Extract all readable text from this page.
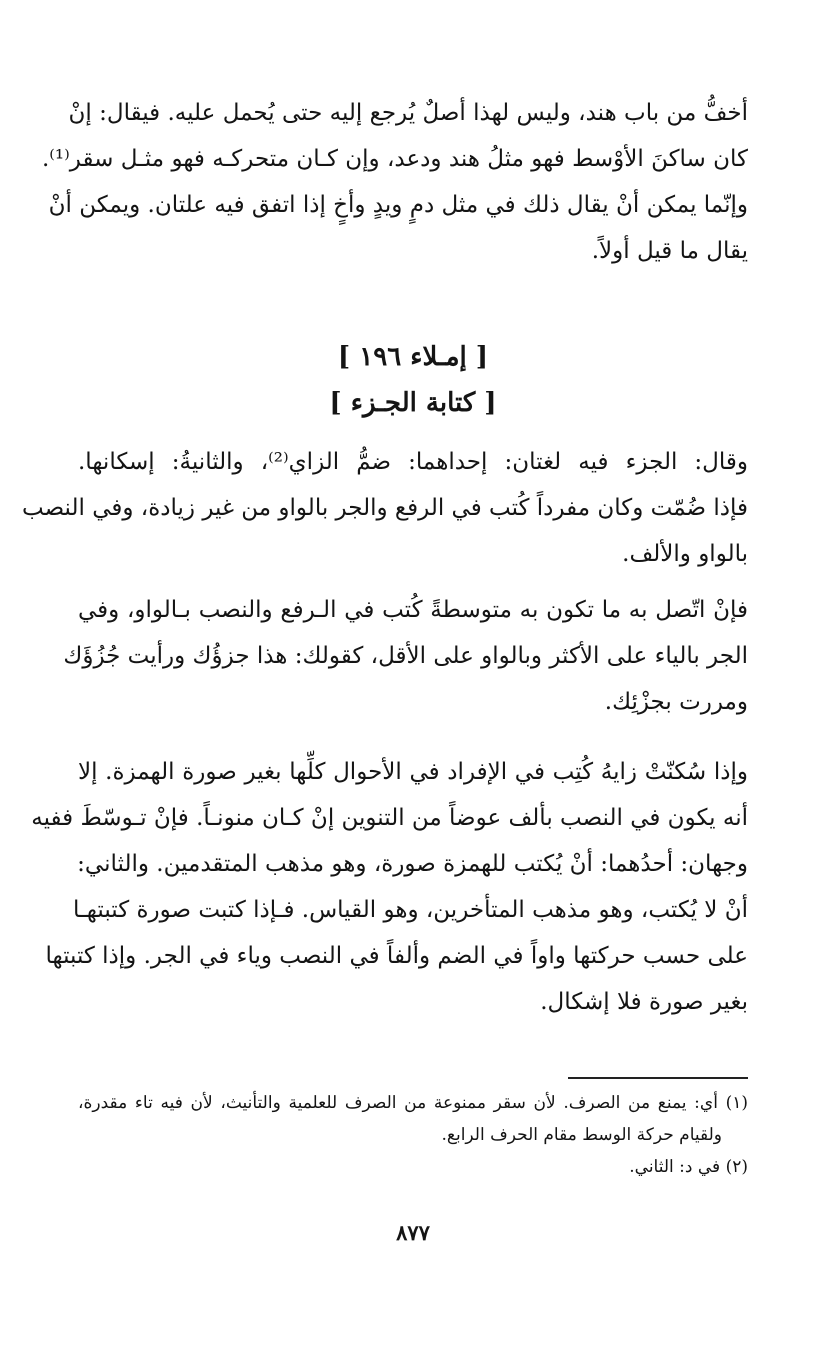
أخفُّ من باب هند، وليس لهذا أصلٌ يُرجع إليه حتى يُحمل عليه. فيقال: إنْ
كان ساكنَ الأوْسط فهو مثلُ هند ودعد، وإن كـان متحركـه فهو مثـل سقر⁽¹⁾.
وإنّما يمكن أنْ يقال ذلك في مثل دمٍ ويدٍ وأخٍ إذا اتفق فيه علتان. ويمكن أنْ
يقال ما قيل أولاً.
[ إمـلاء ١٩٦ ]
[ كتابة الجـزء ]
وقال: الجزء فيه لغتان: إحداهما: ضمُّ الزاي⁽²⁾، والثانيةُ: إسكانها.
فإذا ضُمّت وكان مفرداً كُتب في الرفع والجر بالواو من غير زيادة، وفي النصب
بالواو والألف.
فإنْ اتّصل به ما تكون به متوسطةً كُتب في الـرفع والنصب بـالواو، وفي
الجر بالياء على الأكثر وبالواو على الأقل، كقولك: هذا جزؤُك ورأيت جُزُؤَك
ومررت بجزْئِك.
وإذا سُكنّتْ زايهُ كُتِب في الإفراد في الأحوال كلِّها بغير صورة الهمزة. إلا
أنه يكون في النصب بألف عوضاً من التنوين إنْ كـان منونـاً. فإنْ تـوسّطَ ففيه
وجهان: أحدُهما: أنْ يُكتب للهمزة صورة، وهو مذهب المتقدمين. والثاني:
أنْ لا يُكتب، وهو مذهب المتأخرين، وهو القياس. فـإذا كتبت صورة كتبتهـا
على حسب حركتها واواً في الضم وألفاً في النصب وياء في الجر. وإذا كتبتها
بغير صورة فلا إشكال.
(١) أي: يمنع من الصرف. لأن سقر ممنوعة من الصرف للعلمية والتأنيث، لأن فيه تاء مقدرة،
ولقيام حركة الوسط مقام الحرف الرابع.
(٢) في د: الثاني.
٨٧٧
